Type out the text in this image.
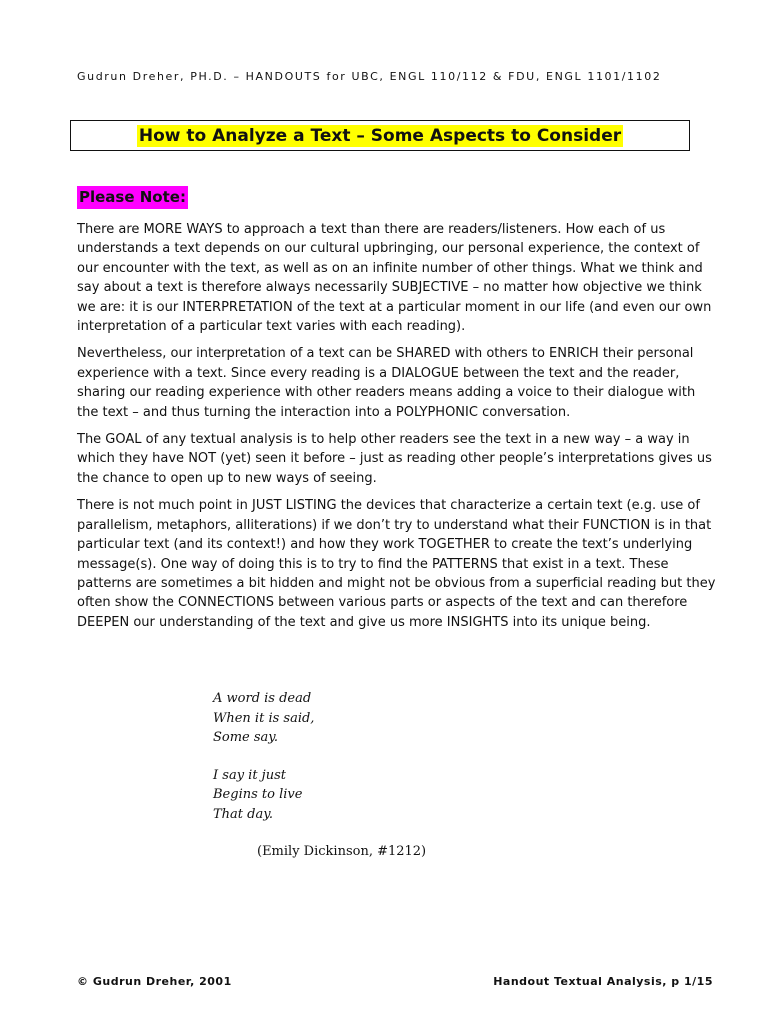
Gudrun Dreher, PH.D. – HANDOUTS for UBC, ENGL 110/112 & FDU, ENGL 1101/1102
How to Analyze a Text – Some Aspects to Consider
Please Note:

There are MORE WAYS to approach a text than there are readers/listeners. How each of us understands a text depends on our cultural upbringing, our personal experience, the context of our encounter with the text, as well as on an infinite number of other things. What we think and say about a text is therefore always necessarily SUBJECTIVE – no matter how objective we think we are: it is our INTERPRETATION of the text at a particular moment in our life (and even our own interpretation of a particular text varies with each reading).

Nevertheless, our interpretation of a text can be SHARED with others to ENRICH their personal experience with a text. Since every reading is a DIALOGUE between the text and the reader, sharing our reading experience with other readers means adding a voice to their dialogue with the text – and thus turning the interaction into a POLYPHONIC conversation.

The GOAL of any textual analysis is to help other readers see the text in a new way – a way in which they have NOT (yet) seen it before – just as reading other people’s interpretations gives us the chance to open up to new ways of seeing.

There is not much point in JUST LISTING the devices that characterize a certain text (e.g. use of parallelism, metaphors, alliterations) if we don’t try to understand what their FUNCTION is in that particular text (and its context!) and how they work TOGETHER to create the text’s underlying message(s). One way of doing this is to try to find the PATTERNS that exist in a text. These patterns are sometimes a bit hidden and might not be obvious from a superficial reading but they often show the CONNECTIONS between various parts or aspects of the text and can therefore DEEPEN our understanding of the text and give us more INSIGHTS into its unique being.

A word is dead
When it is said,
Some say.
I say it just
Begins to live
That day.
(Emily Dickinson, #1212)
© Gudrun Dreher, 2001	Handout Textual Analysis, p 1/15
